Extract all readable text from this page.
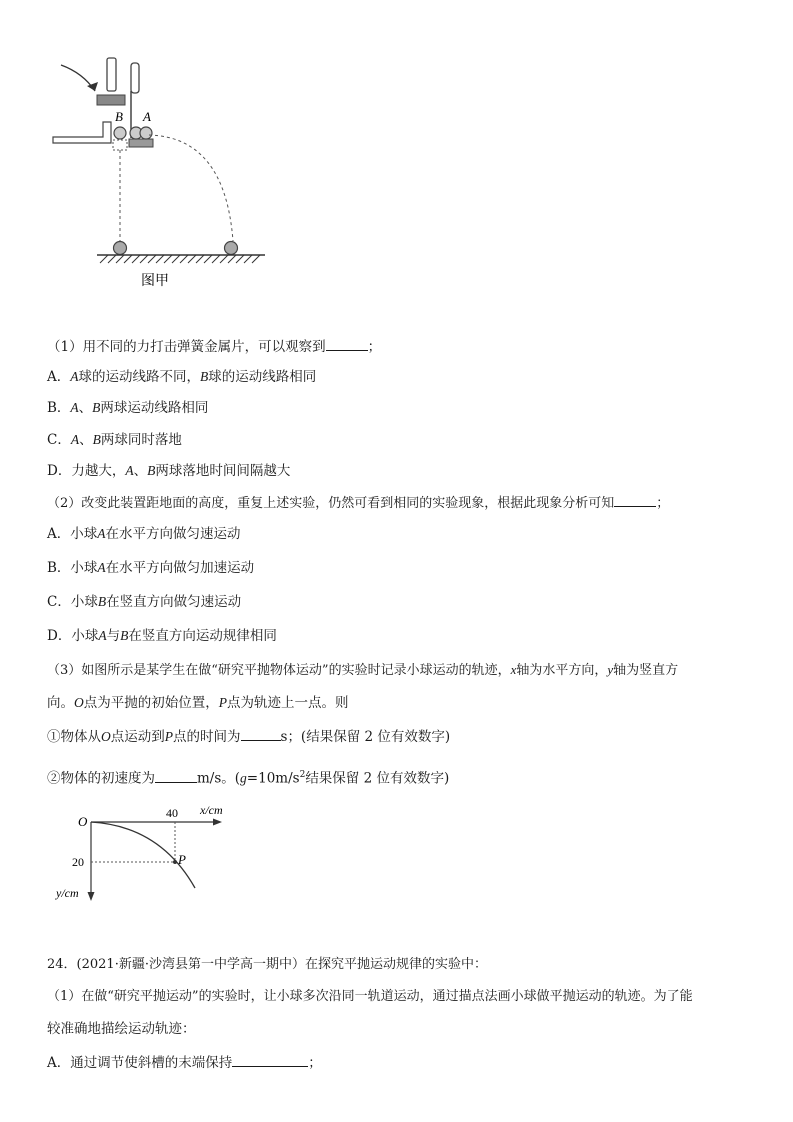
B A
图甲
（1）用不同的力打击弹簧金属片，可以观察到	；
A．A球的运动线路不同，B球的运动线路相同
B．A、B两球运动线路相同
C．A、B两球同时落地
D．力越大，A、B两球落地时间间隔越大
（2）改变此装置距地面的高度，重复上述实验，仍然可看到相同的实验现象，根据此现象分析可知	；
A．小球A在水平方向做匀速运动
B．小球A在水平方向做匀加速运动
C．小球B在竖直方向做匀速运动
D．小球A与B在竖直方向运动规律相同
（3）如图所示是某学生在做“研究平抛物体运动”的实验时记录小球运动的轨迹，x轴为水平方向，y轴为竖直方
向。O点为平抛的初始位置，P点为轨迹上一点。则
①物体从O点运动到P点的时间为	s；(结果保留 2 位有效数字)
②物体的初速度为	m/s。($g=10m/s^2$结果保留 2 位有效数字)
O
40 x/cm
20	P
y/cm
24．(2021·新疆·沙湾县第一中学高一期中）在探究平抛运动规律的实验中：
（1）在做“研究平抛运动”的实验时，让小球多次沿同一轨道运动，通过描点法画小球做平抛运动的轨迹。为了能
较准确地描绘运动轨迹：
A．通过调节使斜槽的末端保持	；
